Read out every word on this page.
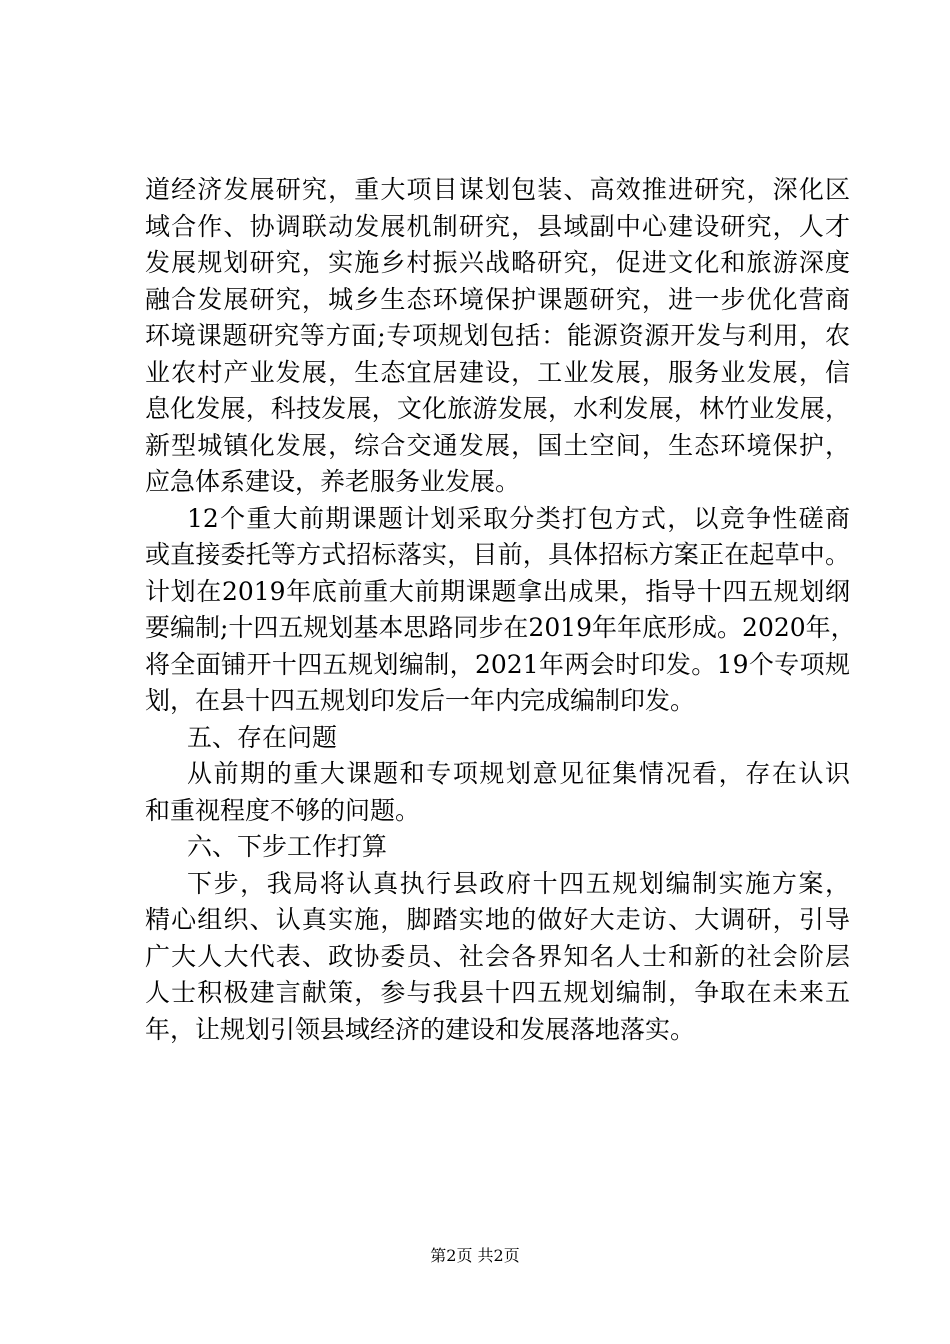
道经济发展研究，重大项目谋划包装、高效推进研究，深化区
域合作、协调联动发展机制研究，县域副中心建设研究，人才
发展规划研究，实施乡村振兴战略研究，促进文化和旅游深度
融合发展研究，城乡生态环境保护课题研究，进一步优化营商
环境课题研究等方面;专项规划包括：能源资源开发与利用，农
业农村产业发展，生态宜居建设，工业发展，服务业发展，信
息化发展，科技发展，文化旅游发展，水利发展，林竹业发展，
新型城镇化发展，综合交通发展，国土空间，生态环境保护，
应急体系建设，养老服务业发展。
12个重大前期课题计划采取分类打包方式，以竞争性磋商
或直接委托等方式招标落实，目前，具体招标方案正在起草中。
计划在2019年底前重大前期课题拿出成果，指导十四五规划纲
要编制;十四五规划基本思路同步在2019年年底形成。2020年，
将全面铺开十四五规划编制，2021年两会时印发。19个专项规
划，在县十四五规划印发后一年内完成编制印发。
五、存在问题
从前期的重大课题和专项规划意见征集情况看，存在认识
和重视程度不够的问题。
六、下步工作打算
下步，我局将认真执行县政府十四五规划编制实施方案，
精心组织、认真实施，脚踏实地的做好大走访、大调研，引导
广大人大代表、政协委员、社会各界知名人士和新的社会阶层
人士积极建言献策，参与我县十四五规划编制，争取在未来五
年，让规划引领县域经济的建设和发展落地落实。
第2页 共2页
